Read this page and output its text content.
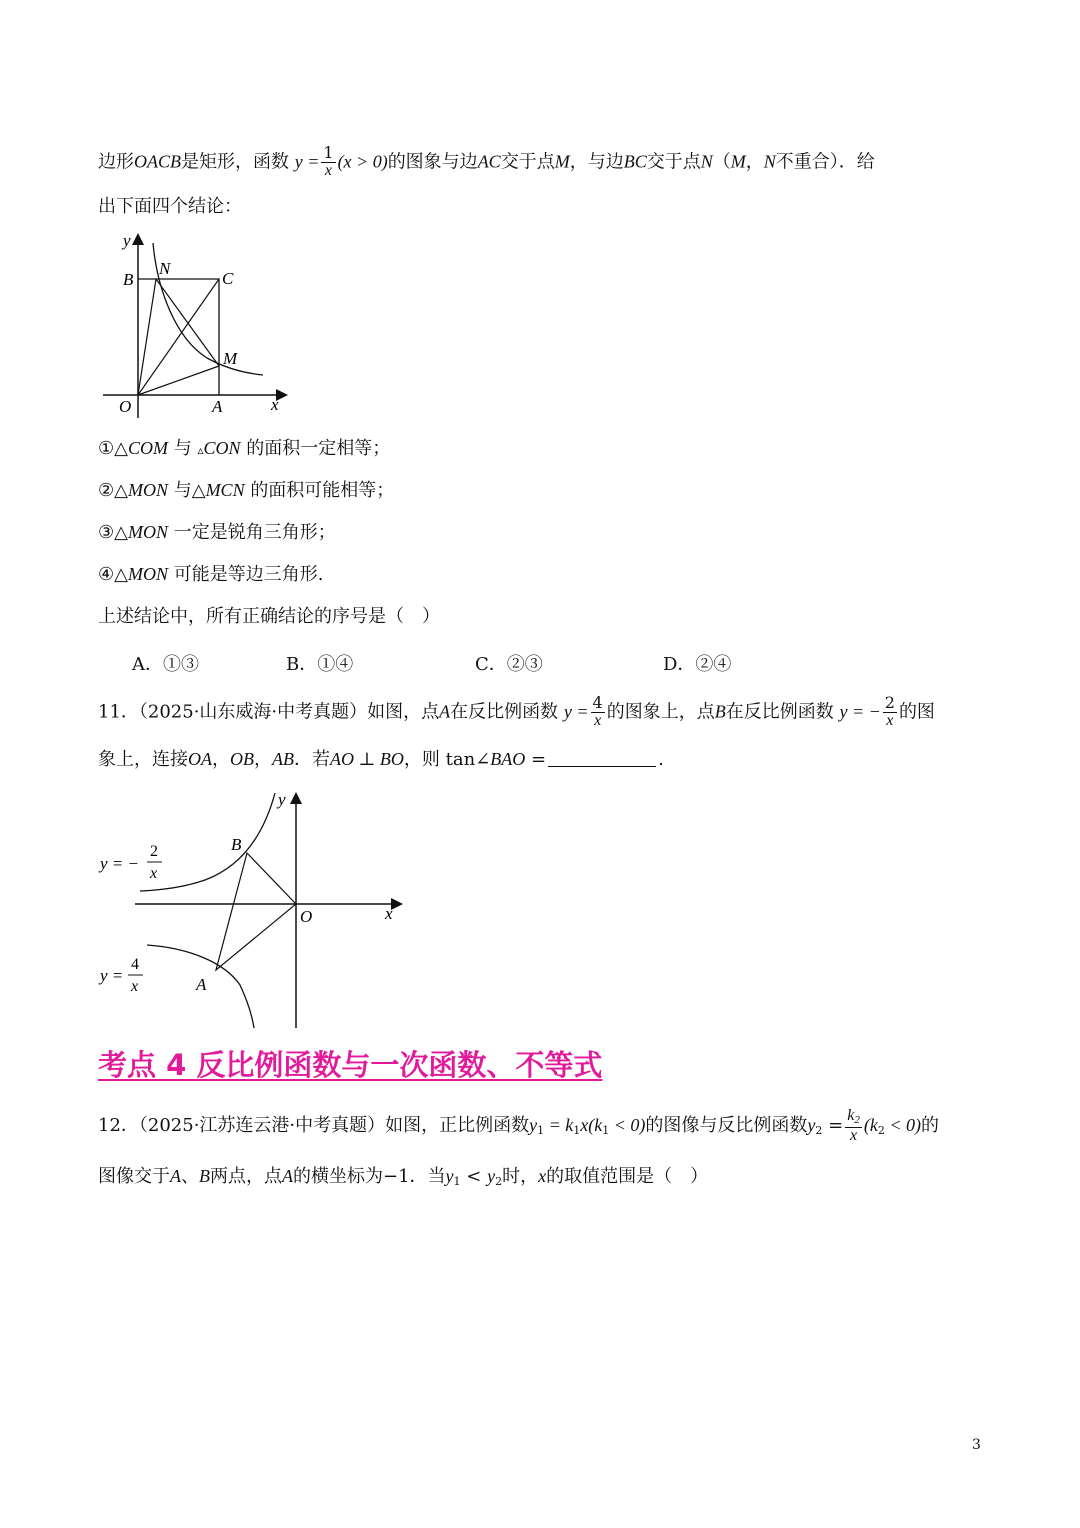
边形OACB是矩形，函数 $y = \frac{1}{x} (x > 0)$的图象与边AC交于点M，与边BC交于点N（M，N不重合）．给
出下面四个结论：
y
B
N
C
M
O	A	x
①△COM 与 ▵CON 的面积一定相等；
②△MON 与△MCN 的面积可能相等；
③△MON 一定是锐角三角形；
④△MON 可能是等边三角形.
上述结论中，所有正确结论的序号是（　）
A．①③	B．①④	C．②③	D．②④
11．（2025·山东威海·中考真题）如图，点A在反比例函数 $y = \frac{4}{x}$ 的图象上，点B在反比例函数 y = − $\frac{2}{x}$ 的图
象上，连接OA，OB，AB．若AO ⊥ BO，则 tan∠BAO =	.
y
B
O	x
A
y = −
2
x
y =
4
x
考点 4 反比例函数与一次函数、不等式
12．（2025·江苏连云港·中考真题）如图，正比例函数$y_1 = k_1x(k_1 < 0)$的图像与反比例函数$y_2 = \frac{k_2}{x} (k_2 < 0)$的
图像交于A、B两点，点A的横坐标为−1．当$y_1 < y_2$时，x的取值范围是（　）
3
